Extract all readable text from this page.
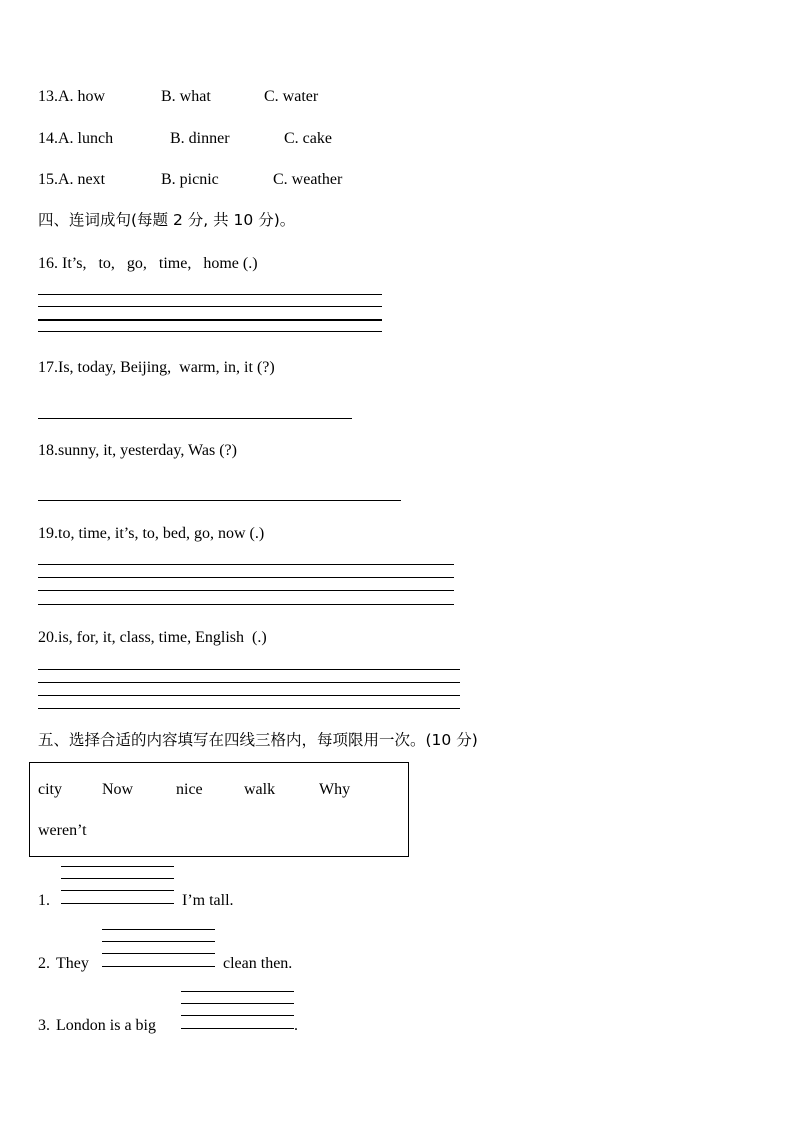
13.A. how	B. what	C. water
14.A. lunch	B. dinner	C. cake
15.A. next	B. picnic	C. weather
四、连词成句(每题 2 分, 共 10 分)。
16. It’s,   to,   go,   time,   home (.)
17.Is, today, Beijing,  warm, in, it (?)
18.sunny, it, yesterday, Was (?)
19.to, time, it’s, to, bed, go, now (.)
20.is, for, it, class, time, English  (.)
五、选择合适的内容填写在四线三格内，每项限用一次。(10 分)
city	Now	nice	walk	Why
weren’t
1.	I’m tall.
2. They	clean then.
3. London is a big	.
